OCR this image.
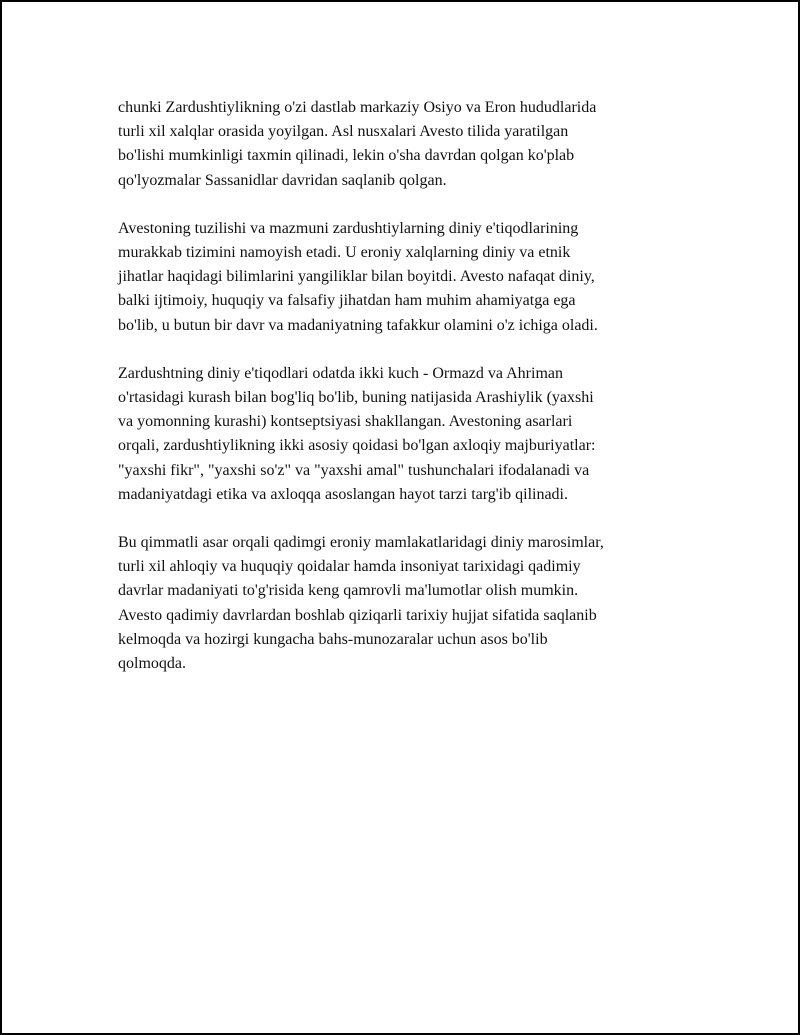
chunki Zardushtiylikning o'zi dastlab markaziy Osiyo va Eron hududlarida
turli xil xalqlar orasida yoyilgan. Asl nusxalari Avesto tilida yaratilgan
bo'lishi mumkinligi taxmin qilinadi, lekin o'sha davrdan qolgan ko'plab
qo'lyozmalar Sassanidlar davridan saqlanib qolgan.

Avestoning tuzilishi va mazmuni zardushtiylarning diniy e'tiqodlarining
murakkab tizimini namoyish etadi. U eroniy xalqlarning diniy va etnik
jihatlar haqidagi bilimlarini yangiliklar bilan boyitdi. Avesto nafaqat diniy,
balki ijtimoiy, huquqiy va falsafiy jihatdan ham muhim ahamiyatga ega
bo'lib, u butun bir davr va madaniyatning tafakkur olamini o'z ichiga oladi.

Zardushtning diniy e'tiqodlari odatda ikki kuch - Ormazd va Ahriman
o'rtasidagi kurash bilan bog'liq bo'lib, buning natijasida Arashiylik (yaxshi
va yomonning kurashi) kontseptsiyasi shakllangan. Avestoning asarlari
orqali, zardushtiylikning ikki asosiy qoidasi bo'lgan axloqiy majburiyatlar:
"yaxshi fikr", "yaxshi so'z" va "yaxshi amal" tushunchalari ifodalanadi va
madaniyatdagi etika va axloqqa asoslangan hayot tarzi targ'ib qilinadi.

Bu qimmatli asar orqali qadimgi eroniy mamlakatlaridagi diniy marosimlar,
turli xil ahloqiy va huquqiy qoidalar hamda insoniyat tarixidagi qadimiy
davrlar madaniyati to'g'risida keng qamrovli ma'lumotlar olish mumkin.
Avesto qadimiy davrlardan boshlab qiziqarli tarixiy hujjat sifatida saqlanib
kelmoqda va hozirgi kungacha bahs-munozaralar uchun asos bo'lib
qolmoqda.
